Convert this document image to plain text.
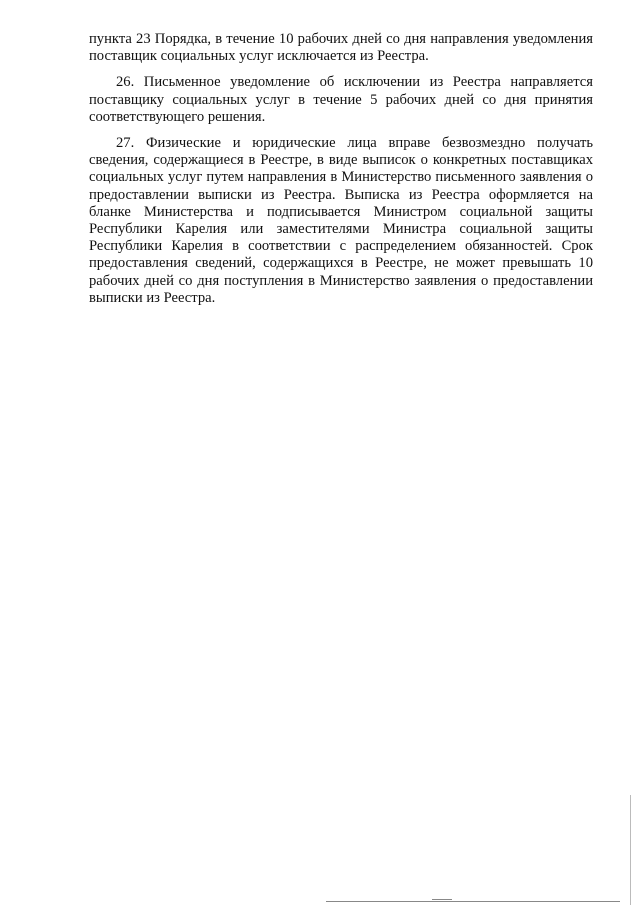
пункта 23 Порядка, в течение 10 рабочих дней со дня направления уведомления поставщик социальных услуг исключается из Реестра.

26. Письменное уведомление об исключении из Реестра направляется поставщику социальных услуг в течение 5 рабочих дней со дня принятия соответствующего решения.

27. Физические и юридические лица вправе безвозмездно получать сведения, содержащиеся в Реестре, в виде выписок о конкретных поставщиках социальных услуг путем направления в Министерство письменного заявления о предоставлении выписки из Реестра. Выписка из Реестра оформляется на бланке Министерства и подписывается Министром социальной защиты Республики Карелия или заместителями Министра социальной защиты Республики Карелия в соответствии с распределением обязанностей. Срок предоставления сведений, содержащихся в Реестре, не может превышать 10 рабочих дней со дня поступления в Министерство заявления о предоставлении выписки из Реестра.
